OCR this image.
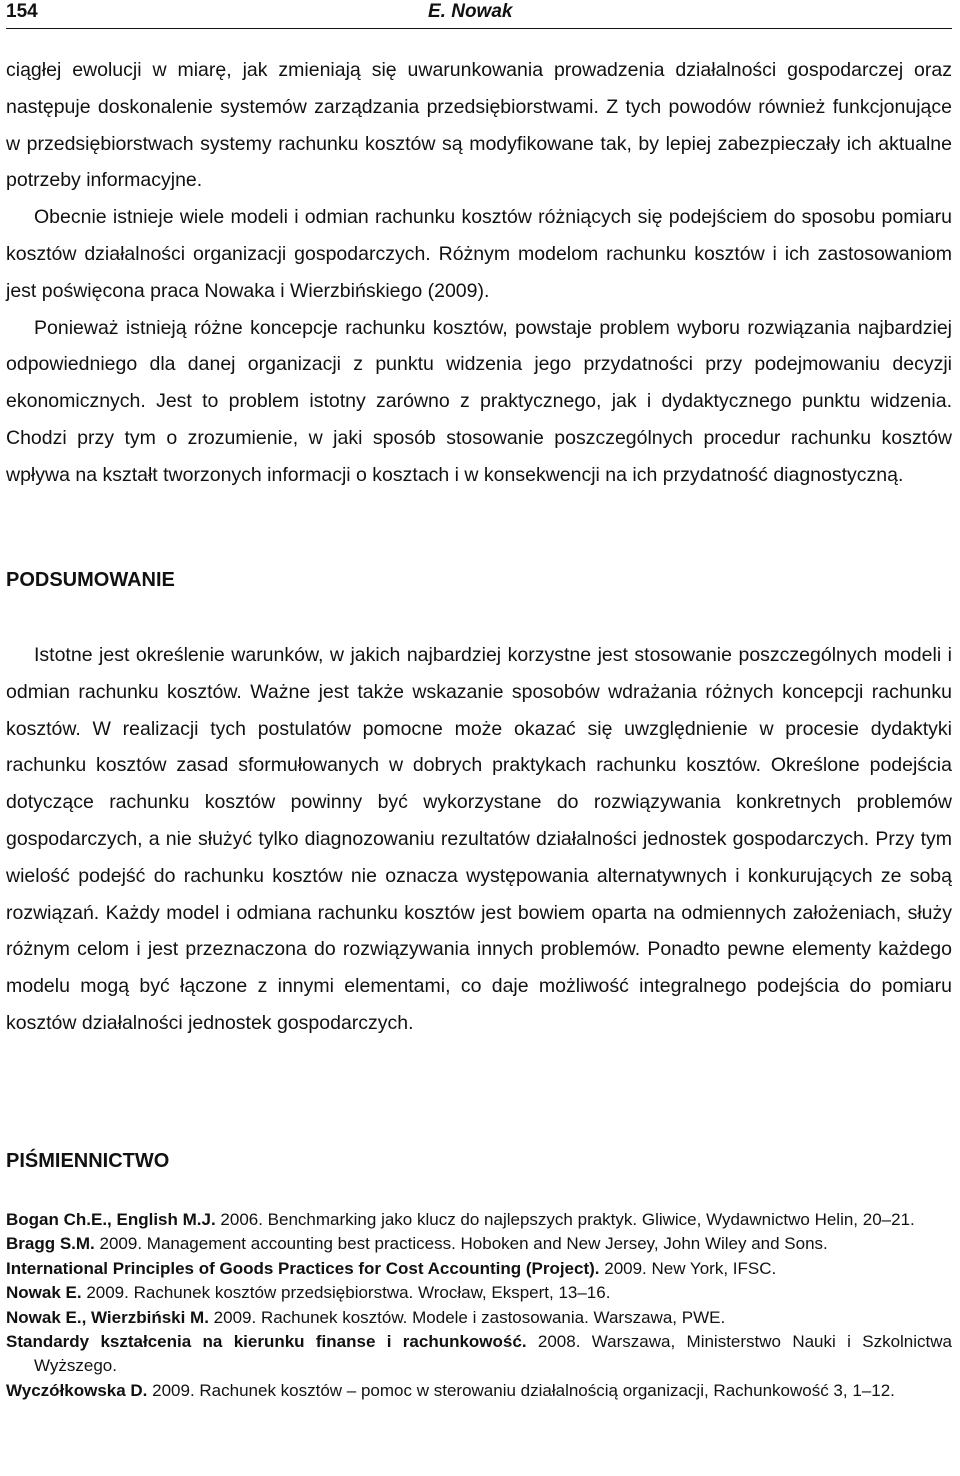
154	E. Nowak

ciągłej ewolucji w miarę, jak zmieniają się uwarunkowania prowadzenia działalności gospodarczej oraz następuje doskonalenie systemów zarządzania przedsiębiorstwami. Z tych powodów również funkcjonujące w przedsiębiorstwach systemy rachunku kosztów są modyfikowane tak, by lepiej zabezpieczały ich aktualne potrzeby informacyjne.

Obecnie istnieje wiele modeli i odmian rachunku kosztów różniących się podejściem do sposobu pomiaru kosztów działalności organizacji gospodarczych. Różnym modelom rachunku kosztów i ich zastosowaniom jest poświęcona praca Nowaka i Wierzbińskiego (2009).

Ponieważ istnieją różne koncepcje rachunku kosztów, powstaje problem wyboru rozwiązania najbardziej odpowiedniego dla danej organizacji z punktu widzenia jego przydatności przy podejmowaniu decyzji ekonomicznych. Jest to problem istotny zarówno z praktycznego, jak i dydaktycznego punktu widzenia. Chodzi przy tym o zrozumienie, w jaki sposób stosowanie poszczególnych procedur rachunku kosztów wpływa na kształt tworzonych informacji o kosztach i w konsekwencji na ich przydatność diagnostyczną.

PODSUMOWANIE

Istotne jest określenie warunków, w jakich najbardziej korzystne jest stosowanie poszczególnych modeli i odmian rachunku kosztów. Ważne jest także wskazanie sposobów wdrażania różnych koncepcji rachunku kosztów. W realizacji tych postulatów pomocne może okazać się uwzględnienie w procesie dydaktyki rachunku kosztów zasad sformułowanych w dobrych praktykach rachunku kosztów. Określone podejścia dotyczące rachunku kosztów powinny być wykorzystane do rozwiązywania konkretnych problemów gospodarczych, a nie służyć tylko diagnozowaniu rezultatów działalności jednostek gospodarczych. Przy tym wielość podejść do rachunku kosztów nie oznacza występowania alternatywnych i konkurujących ze sobą rozwiązań. Każdy model i odmiana rachunku kosztów jest bowiem oparta na odmiennych założeniach, służy różnym celom i jest przeznaczona do rozwiązywania innych problemów. Ponadto pewne elementy każdego modelu mogą być łączone z innymi elementami, co daje możliwość integralnego podejścia do pomiaru kosztów działalności jednostek gospodarczych.

PIŚMIENNICTWO

Bogan Ch.E., English M.J. 2006. Benchmarking jako klucz do najlepszych praktyk. Gliwice, Wydawnictwo Helin, 20–21.

Bragg S.M. 2009. Management accounting best practicess. Hoboken and New Jersey, John Wiley and Sons.

International Principles of Goods Practices for Cost Accounting (Project). 2009. New York, IFSC.

Nowak E. 2009. Rachunek kosztów przedsiębiorstwa. Wrocław, Ekspert, 13–16.

Nowak E., Wierzbiński M. 2009. Rachunek kosztów. Modele i zastosowania. Warszawa, PWE.

Standardy kształcenia na kierunku finanse i rachunkowość. 2008. Warszawa, Ministerstwo Nauki i Szkolnictwa Wyższego.

Wyczółkowska D. 2009. Rachunek kosztów – pomoc w sterowaniu działalnością organizacji, Rachunkowość 3, 1–12.
